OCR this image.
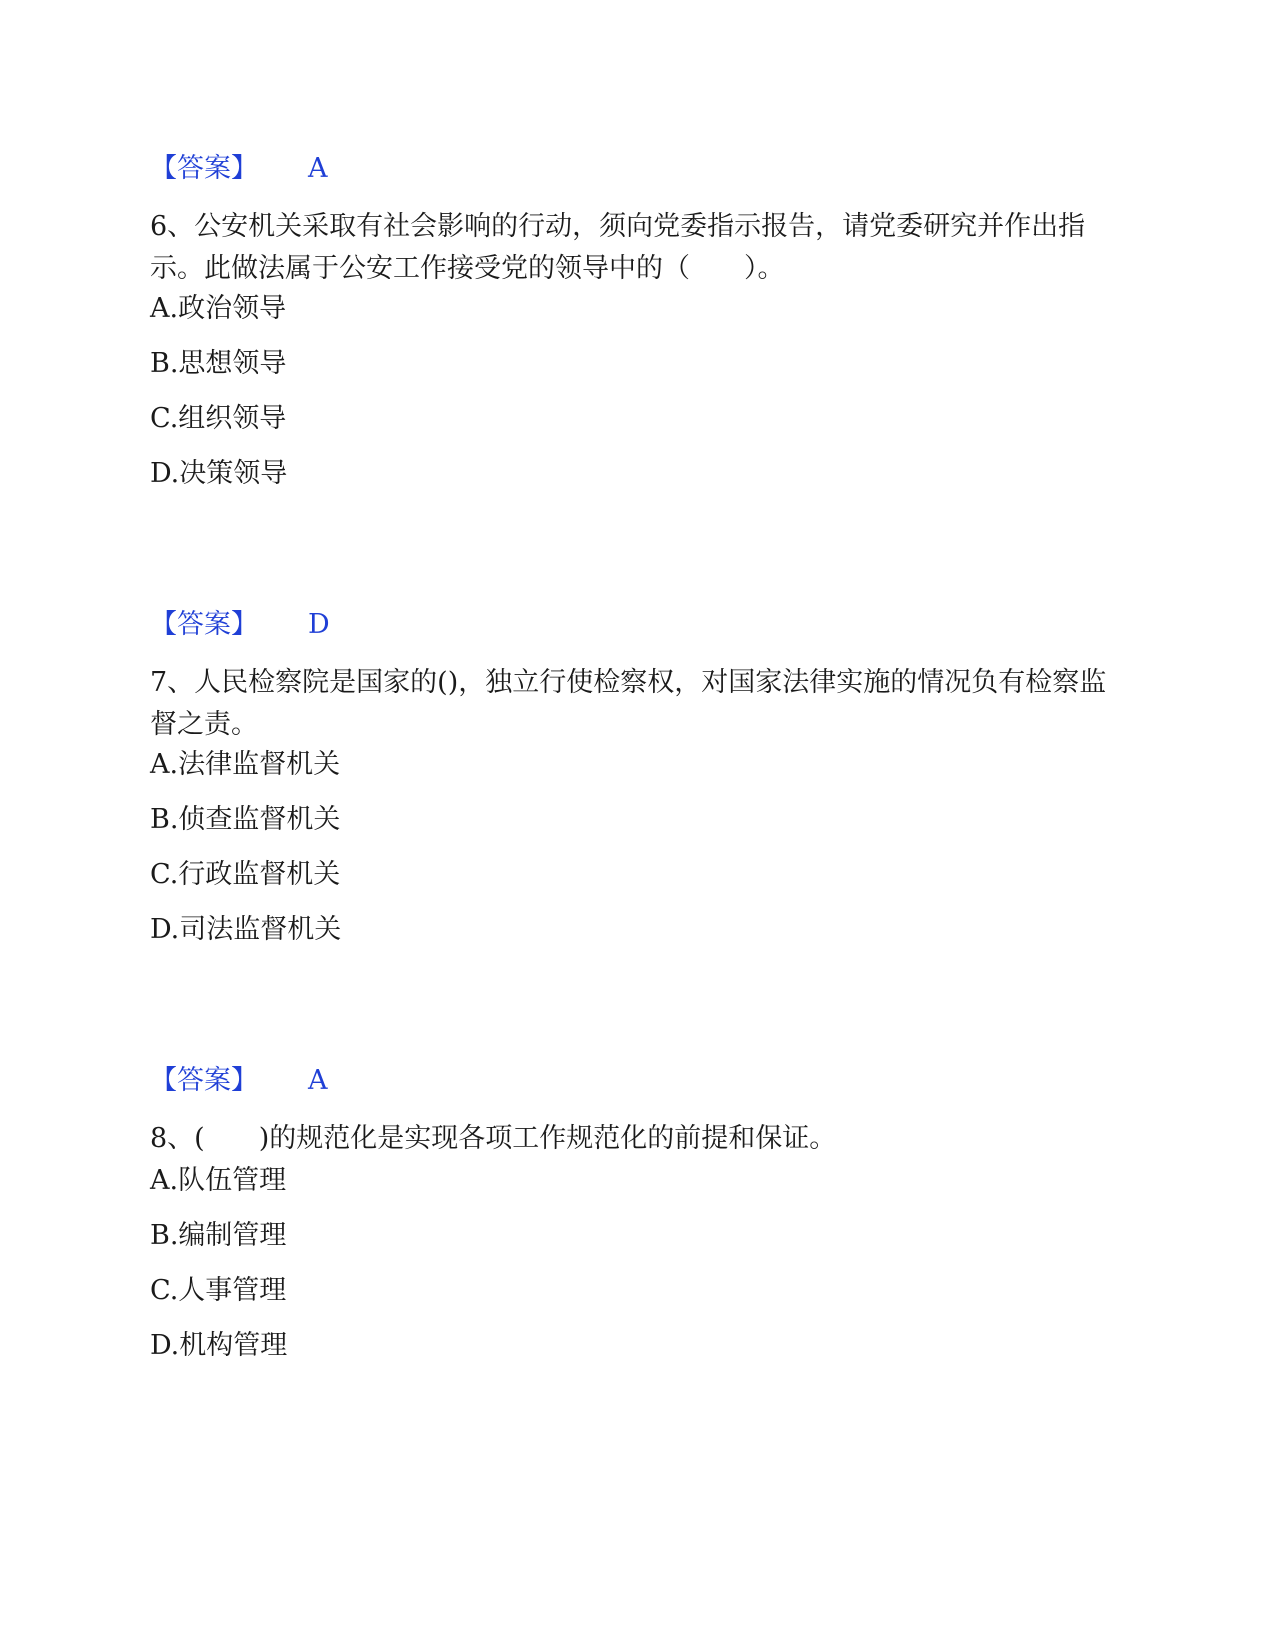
【答案】 A
6、公安机关采取有社会影响的行动，须向党委指示报告，请党委研究并作出指示。此做法属于公安工作接受党的领导中的（　　）。
A.政治领导
B.思想领导
C.组织领导
D.决策领导
【答案】 D
7、人民检察院是国家的()，独立行使检察权，对国家法律实施的情况负有检察监督之责。
A.法律监督机关
B.侦查监督机关
C.行政监督机关
D.司法监督机关
【答案】 A
8、(　　)的规范化是实现各项工作规范化的前提和保证。
A.队伍管理
B.编制管理
C.人事管理
D.机构管理
